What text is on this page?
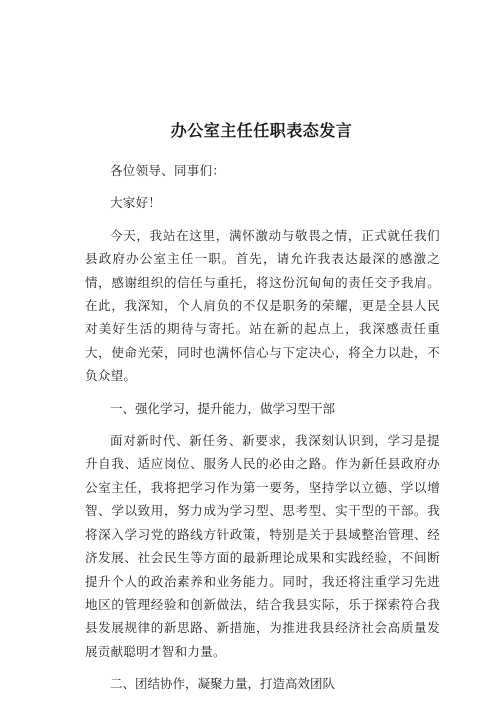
办公室主任任职表态发言

各位领导、同事们：

大家好！

今天，我站在这里，满怀激动与敬畏之情，正式就任我们县政府办公室主任一职。首先，请允许我表达最深的感激之情，感谢组织的信任与重托，将这份沉甸甸的责任交予我肩。在此，我深知，个人肩负的不仅是职务的荣耀，更是全县人民对美好生活的期待与寄托。站在新的起点上，我深感责任重大，使命光荣，同时也满怀信心与下定决心，将全力以赴，不负众望。

一、强化学习，提升能力，做学习型干部

面对新时代、新任务、新要求，我深刻认识到，学习是提升自我、适应岗位、服务人民的必由之路。作为新任县政府办公室主任，我将把学习作为第一要务，坚持学以立德、学以增智、学以致用，努力成为学习型、思考型、实干型的干部。我将深入学习党的路线方针政策，特别是关于县域整治管理、经济发展、社会民生等方面的最新理论成果和实践经验，不间断提升个人的政治素养和业务能力。同时，我还将注重学习先进地区的管理经验和创新做法，结合我县实际，乐于探索符合我县发展规律的新思路、新措施，为推进我县经济社会高质量发展贡献聪明才智和力量。

二、团结协作，凝聚力量，打造高效团队
